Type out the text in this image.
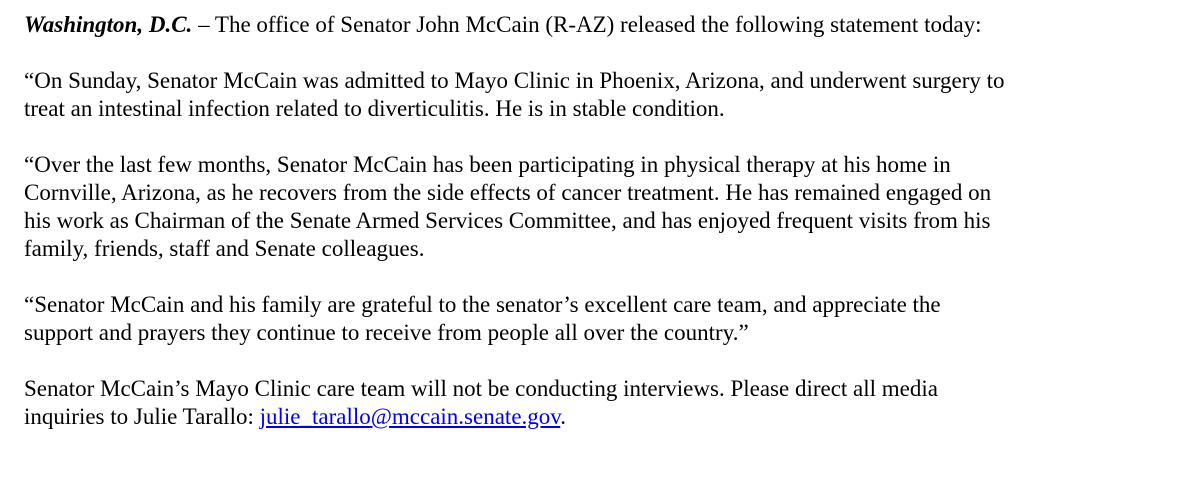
Washington, D.C. – The office of Senator John McCain (R-AZ) released the following statement today:

“On Sunday, Senator McCain was admitted to Mayo Clinic in Phoenix, Arizona, and underwent surgery to
treat an intestinal infection related to diverticulitis. He is in stable condition.

“Over the last few months, Senator McCain has been participating in physical therapy at his home in
Cornville, Arizona, as he recovers from the side effects of cancer treatment. He has remained engaged on
his work as Chairman of the Senate Armed Services Committee, and has enjoyed frequent visits from his
family, friends, staff and Senate colleagues.

“Senator McCain and his family are grateful to the senator’s excellent care team, and appreciate the
support and prayers they continue to receive from people all over the country.”

Senator McCain’s Mayo Clinic care team will not be conducting interviews. Please direct all media
inquiries to Julie Tarallo: julie_tarallo@mccain.senate.gov.
